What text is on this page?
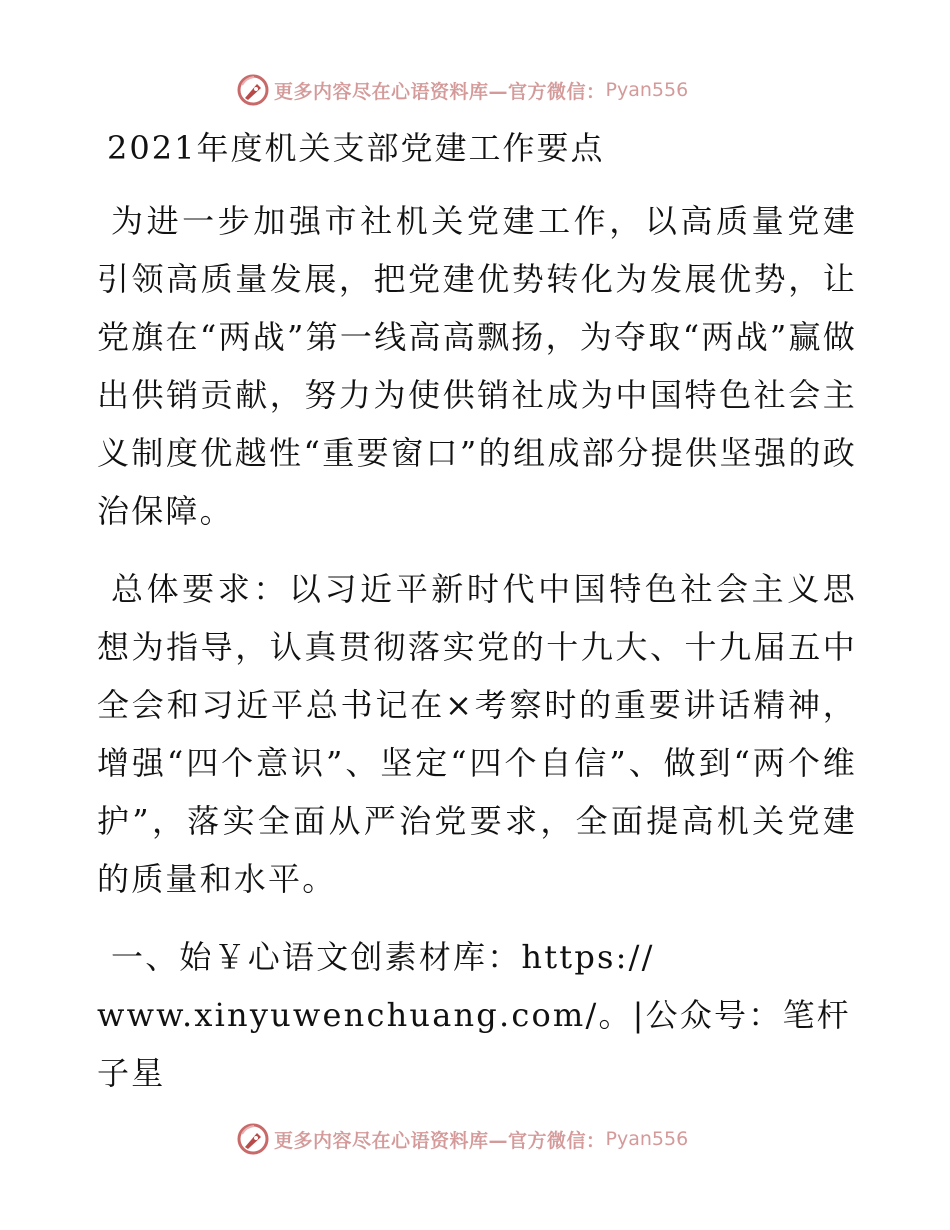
更多内容尽在心语资料库—官方微信： Pyan556
2021年度机关支部党建工作要点

为进一步加强市社机关党建工作，以高质量党建引领高质量发展，把党建优势转化为发展优势，让党旗在“两战”第一线高高飘扬，为夺取“两战”赢做出供销贡献，努力为使供销社成为中国特色社会主义制度优越性“重要窗口”的组成部分提供坚强的政治保障。

总体要求：以习近平新时代中国特色社会主义思想为指导，认真贯彻落实党的十九大、十九届五中全会和习近平总书记在×考察时的重要讲话精神，增强“四个意识”、坚定“四个自信”、做到“两个维护”，落实全面从严治党要求，全面提高机关党建的质量和水平。

一、始￥心语文创素材库：https://
www.xinyuwenchuang.com/。|公众号：笔杆子星

更多内容尽在心语资料库—官方微信： Pyan556
